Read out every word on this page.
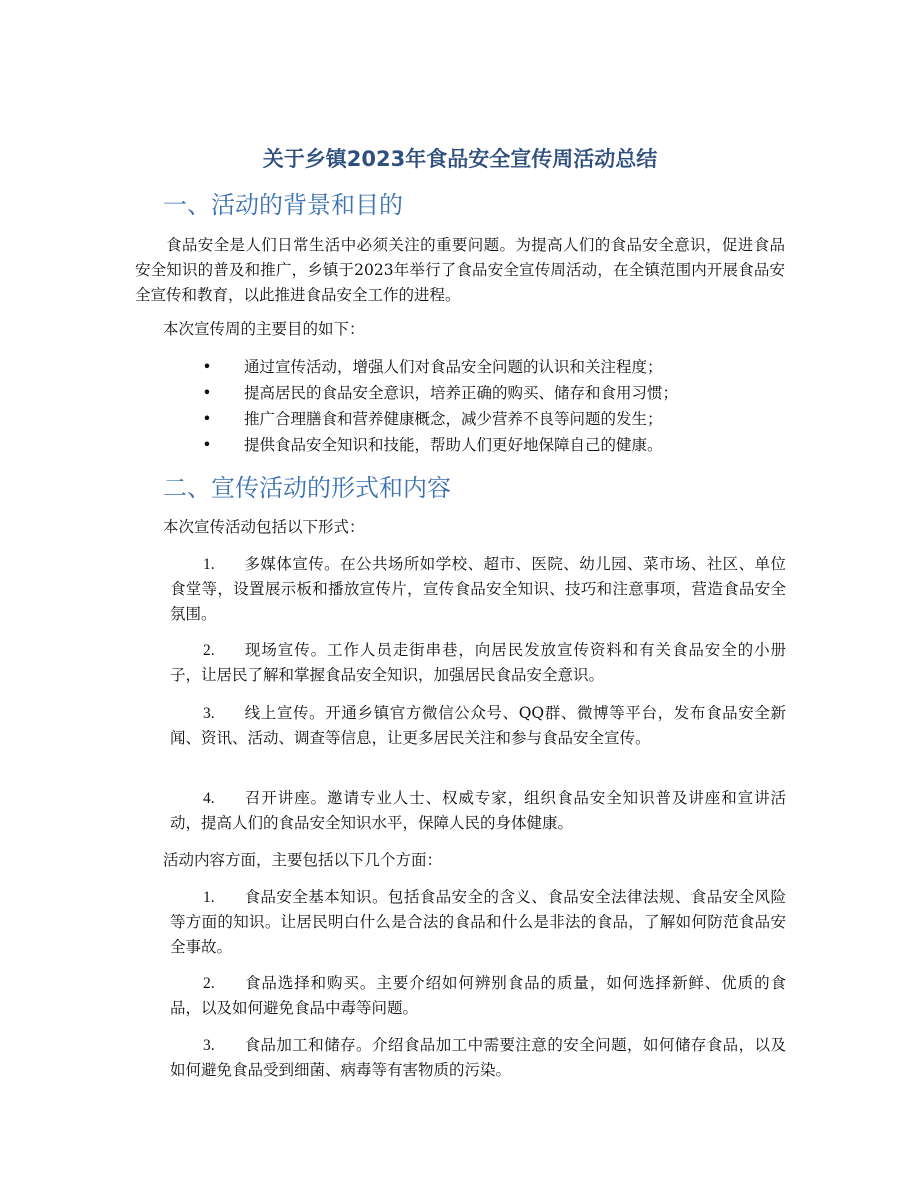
关于乡镇2023年食品安全宣传周活动总结
一、活动的背景和目的

食品安全是人们日常生活中必须关注的重要问题。为提高人们的食品安全意识，促进食品安全知识的普及和推广，乡镇于2023年举行了食品安全宣传周活动，在全镇范围内开展食品安全宣传和教育，以此推进食品安全工作的进程。

本次宣传周的主要目的如下：

• 通过宣传活动，增强人们对食品安全问题的认识和关注程度；
• 提高居民的食品安全意识，培养正确的购买、储存和食用习惯；
• 推广合理膳食和营养健康概念，减少营养不良等问题的发生；
• 提供食品安全知识和技能，帮助人们更好地保障自己的健康。
二、宣传活动的形式和内容

本次宣传活动包括以下形式：

1. 多媒体宣传。在公共场所如学校、超市、医院、幼儿园、菜市场、社区、单位食堂等，设置展示板和播放宣传片，宣传食品安全知识、技巧和注意事项，营造食品安全氛围。
2. 现场宣传。工作人员走街串巷，向居民发放宣传资料和有关食品安全的小册子，让居民了解和掌握食品安全知识，加强居民食品安全意识。
3. 线上宣传。开通乡镇官方微信公众号、QQ群、微博等平台，发布食品安全新闻、资讯、活动、调查等信息，让更多居民关注和参与食品安全宣传。
4. 召开讲座。邀请专业人士、权威专家，组织食品安全知识普及讲座和宣讲活动，提高人们的食品安全知识水平，保障人民的身体健康。

活动内容方面，主要包括以下几个方面：

1. 食品安全基本知识。包括食品安全的含义、食品安全法律法规、食品安全风险等方面的知识。让居民明白什么是合法的食品和什么是非法的食品，了解如何防范食品安全事故。
2. 食品选择和购买。主要介绍如何辨别食品的质量，如何选择新鲜、优质的食品，以及如何避免食品中毒等问题。
3. 食品加工和储存。介绍食品加工中需要注意的安全问题，如何储存食品，以及如何避免食品受到细菌、病毒等有害物质的污染。
